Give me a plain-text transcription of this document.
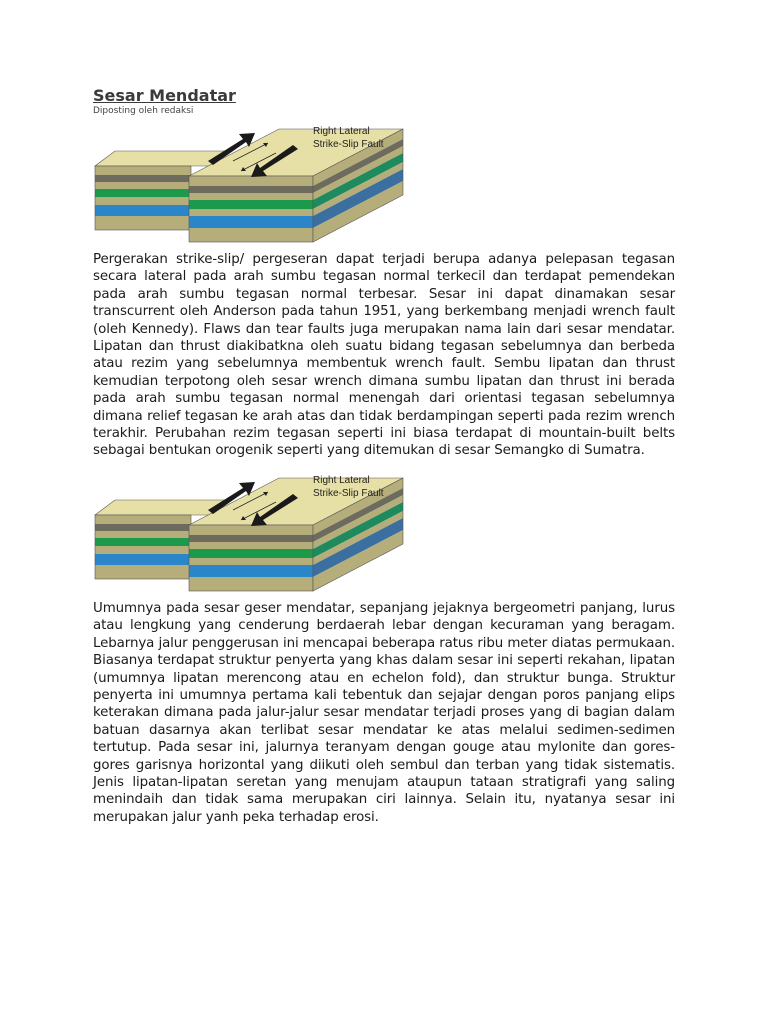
Sesar Mendatar

Diposting oleh redaksi

Right Lateral
Strike-Slip Fault

Pergerakan strike-slip/ pergeseran dapat terjadi berupa adanya pelepasan tegasan secara lateral pada arah sumbu tegasan normal terkecil dan terdapat pemendekan pada arah sumbu tegasan normal terbesar. Sesar ini dapat dinamakan sesar transcurrent oleh Anderson pada tahun 1951, yang berkembang menjadi wrench fault (oleh Kennedy). Flaws dan tear faults juga merupakan nama lain dari sesar mendatar. Lipatan dan thrust diakibatkna oleh suatu bidang tegasan sebelumnya dan berbeda atau rezim yang sebelumnya membentuk wrench fault. Sembu lipatan dan thrust kemudian terpotong oleh sesar wrench dimana sumbu lipatan dan thrust ini berada pada arah sumbu tegasan normal menengah dari orientasi tegasan sebelumnya dimana relief tegasan ke arah atas dan tidak berdampingan seperti pada rezim wrench terakhir. Perubahan rezim tegasan seperti ini biasa terdapat di mountain-built belts sebagai bentukan orogenik seperti yang ditemukan di sesar Semangko di Sumatra.

Right Lateral
Strike-Slip Fault

Umumnya pada sesar geser mendatar, sepanjang jejaknya bergeometri panjang, lurus atau lengkung yang cenderung berdaerah lebar dengan kecuraman yang beragam. Lebarnya jalur penggerusan ini mencapai beberapa ratus ribu meter diatas permukaan. Biasanya terdapat struktur penyerta yang khas dalam sesar ini seperti rekahan, lipatan (umumnya lipatan merencong atau en echelon fold), dan struktur bunga. Struktur penyerta ini umumnya pertama kali tebentuk dan sejajar dengan poros panjang elips keterakan dimana pada jalur-jalur sesar mendatar terjadi proses yang di bagian dalam batuan dasarnya akan terlibat sesar mendatar ke atas melalui sedimen-sedimen tertutup. Pada sesar ini, jalurnya teranyam dengan gouge atau mylonite dan gores-gores garisnya horizontal yang diikuti oleh sembul dan terban yang tidak sistematis. Jenis lipatan-lipatan seretan yang menujam ataupun tataan stratigrafi yang saling menindaih dan tidak sama merupakan ciri lainnya. Selain itu, nyatanya sesar ini merupakan jalur yanh peka terhadap erosi.
